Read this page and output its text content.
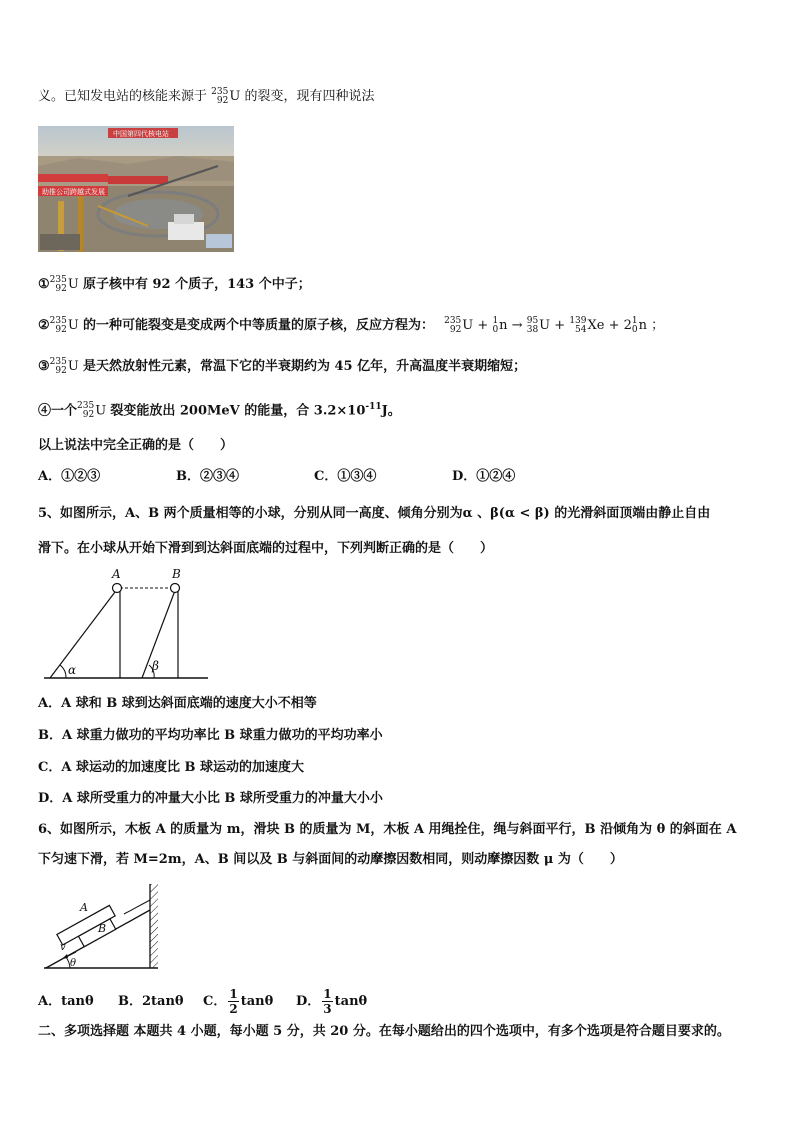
义。已知发电站的核能来源于 235
92 U 的裂变，现有四种说法
中国第四代核电站
助推公司跨越式发展
① 235
92 U 原子核中有 92 个质子，143 个中子；
② 235
92 U 的一种可能裂变是变成两个中等质量的原子核，反应方程为： 235
92 U + 1
0 n → 95
38 U + 139
54 Xe + 2 1
0 n ；
③ 235
92 U 是天然放射性元素，常温下它的半衰期约为 45 亿年，升高温度半衰期缩短；
④一个 235
92 U 裂变能放出 200MeV 的能量，合 $3.2\times 10^{-11}J$。
以上说法中完全正确的是（　　）
A．①②③	B．②③④	C．①③④	D．①②④
5、如图所示，A、B 两个质量相等的小球，分别从同一高度、倾角分别为α 、β(α < β) 的光滑斜面顶端由静止自由
滑下。在小球从开始下滑到到达斜面底端的过程中，下列判断正确的是（　　）
A	B
α	β
A．A 球和 B 球到达斜面底端的速度大小不相等
B．A 球重力做功的平均功率比 B 球重力做功的平均功率小
C．A 球运动的加速度比 B 球运动的加速度大
D．A 球所受重力的冲量大小比 B 球所受重力的冲量大小小
6、如图所示，木板 A 的质量为 m，滑块 B 的质量为 M，木板 A 用绳拴住，绳与斜面平行，B 沿倾角为 θ 的斜面在 A
下匀速下滑，若 M=2m，A、B 间以及 B 与斜面间的动摩擦因数相同，则动摩擦因数 μ 为（　　）
A
B
v
θ
A．tanθ B．2tanθ C． $\frac{1}{2}$ tanθ D． $\frac{1}{3}$ tanθ
二、多项选择题 本题共 4 小题，每小题 5 分，共 20 分。在每小题给出的四个选项中，有多个选项是符合题目要求的。
